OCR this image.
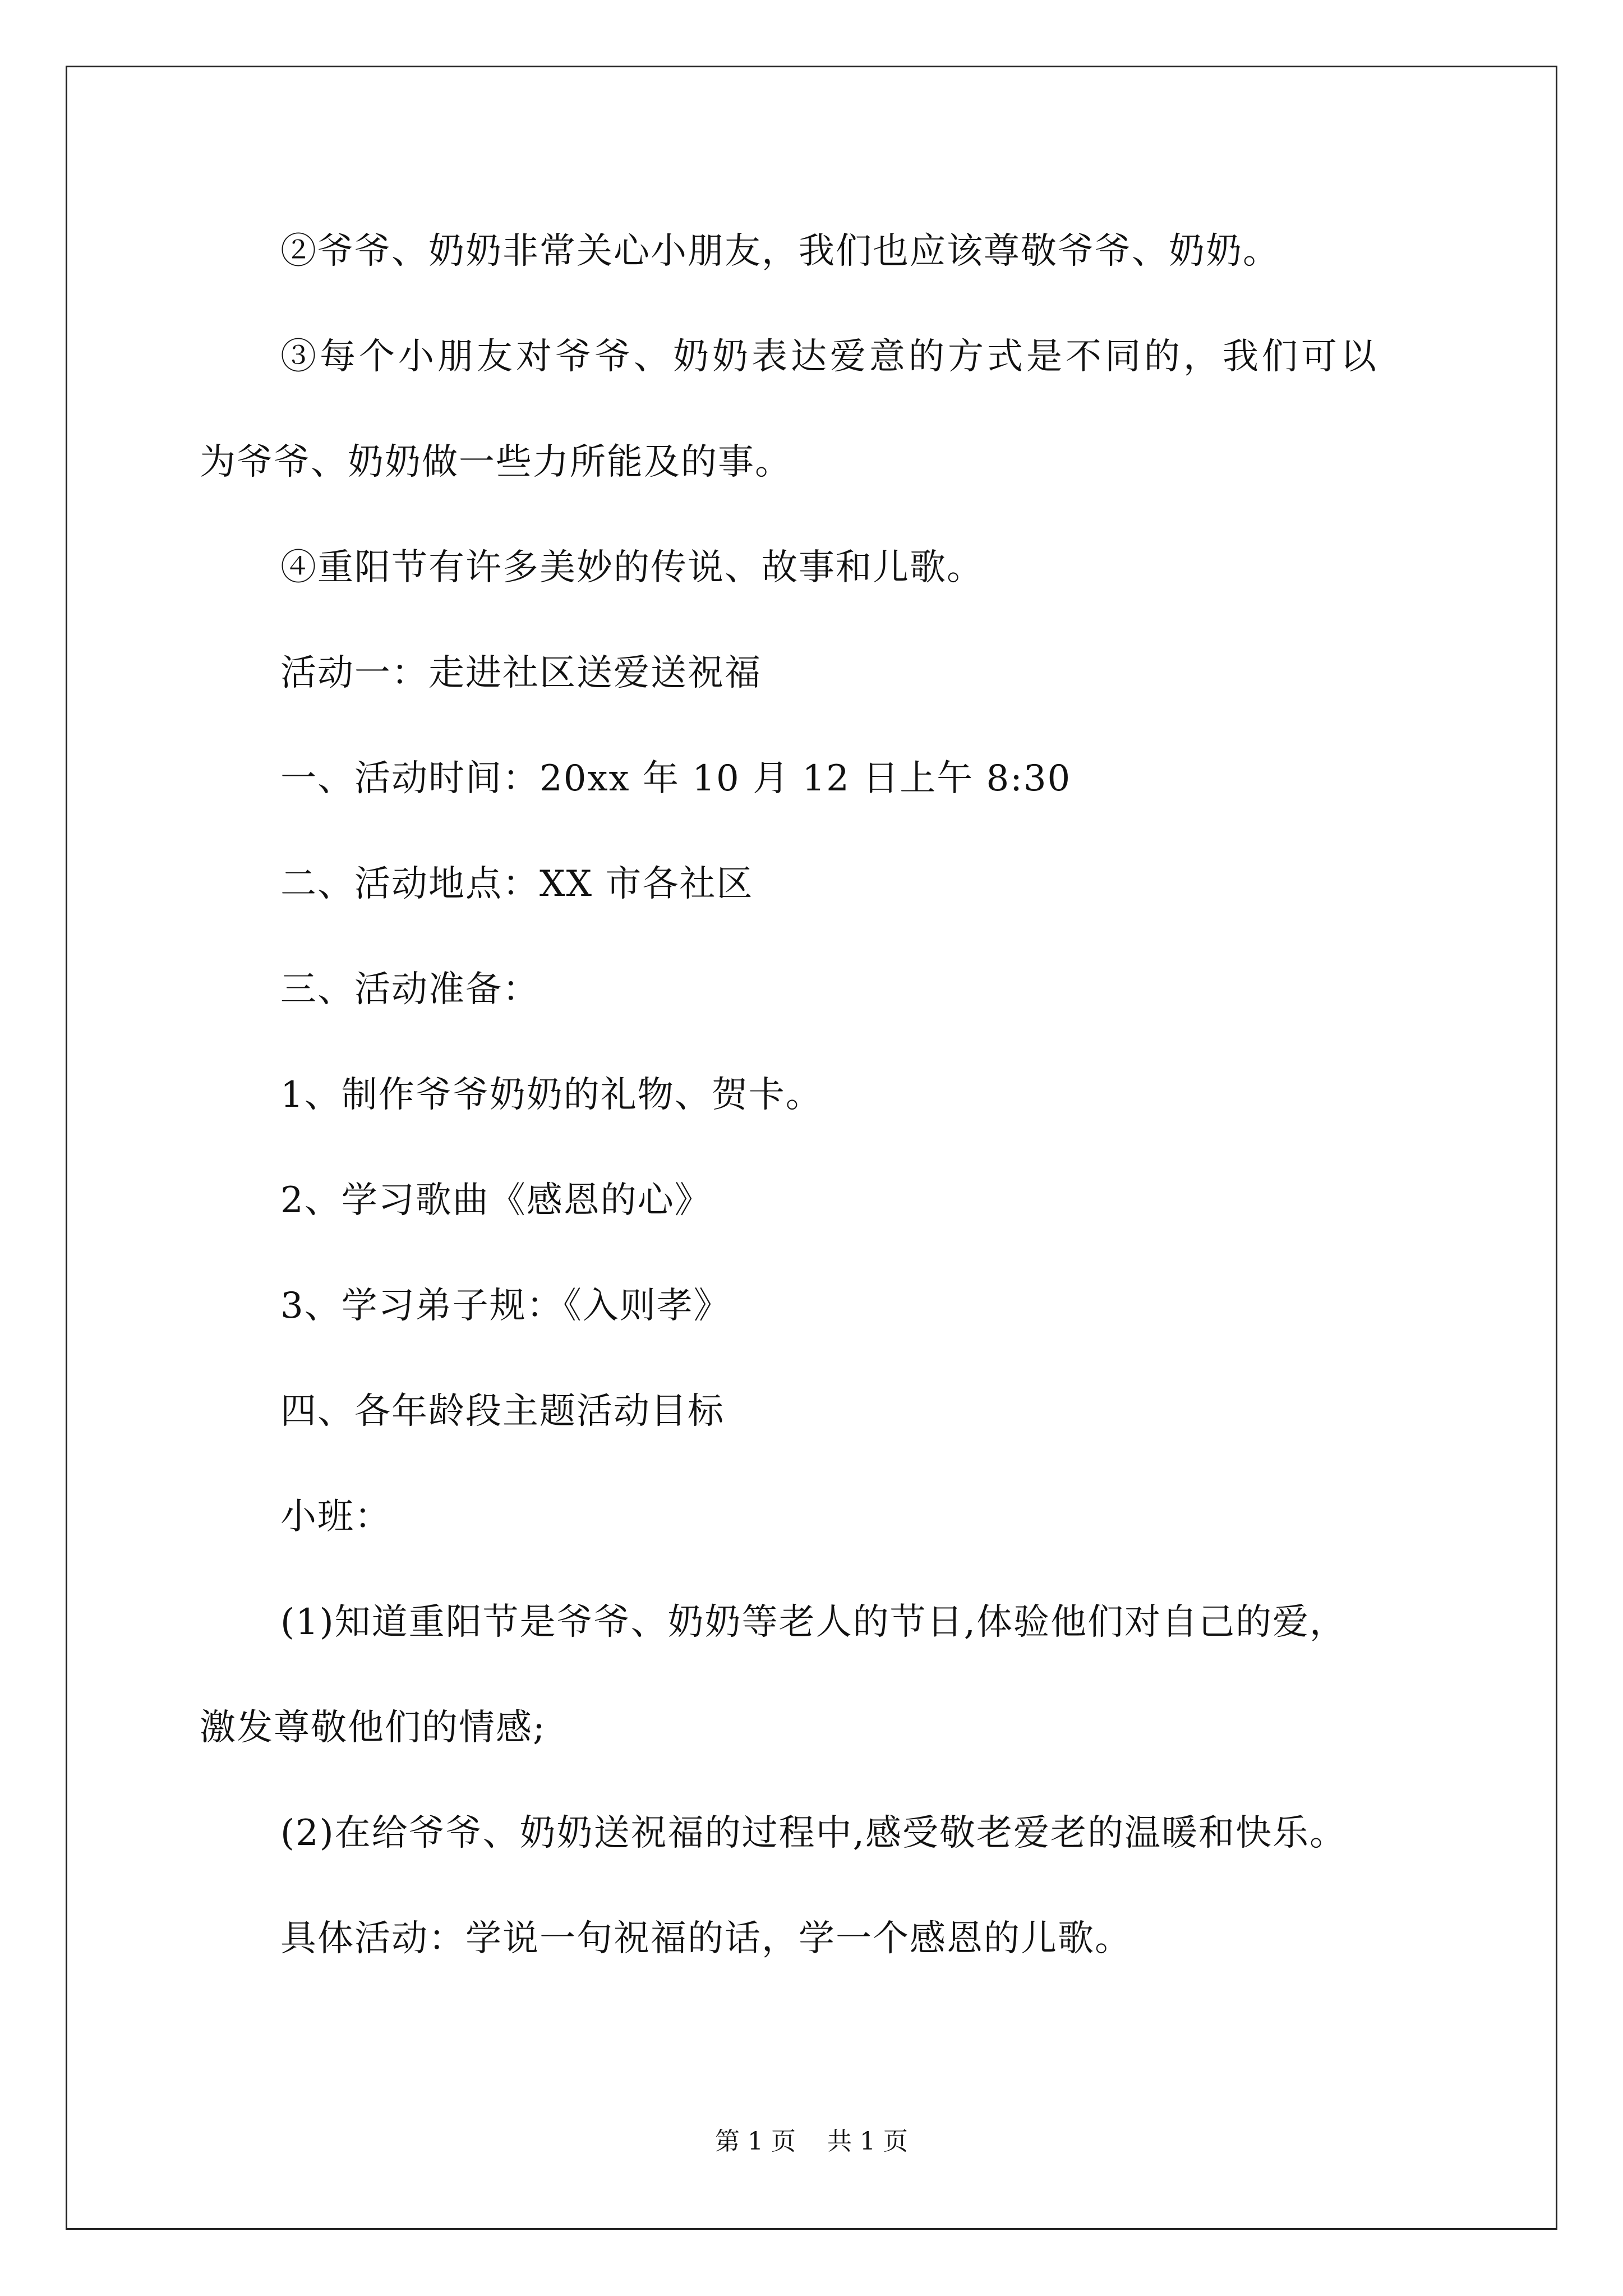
②爷爷、奶奶非常关心小朋友，我们也应该尊敬爷爷、奶奶。
③每个小朋友对爷爷、奶奶表达爱意的方式是不同的，我们可以
为爷爷、奶奶做一些力所能及的事。
④重阳节有许多美妙的传说、故事和儿歌。
活动一：走进社区送爱送祝福
一、活动时间：20xx 年 10 月 12 日上午 8:30
二、活动地点：XX 市各社区
三、活动准备：
1、制作爷爷奶奶的礼物、贺卡。
2、学习歌曲《感恩的心》
3、学习弟子规：《入则孝》
四、各年龄段主题活动目标
小班：
(1)知道重阳节是爷爷、奶奶等老人的节日,体验他们对自己的爱，
激发尊敬他们的情感;
(2)在给爷爷、奶奶送祝福的过程中,感受敬老爱老的温暖和快乐。
具体活动：学说一句祝福的话，学一个感恩的儿歌。
第 1 页    共 1 页
